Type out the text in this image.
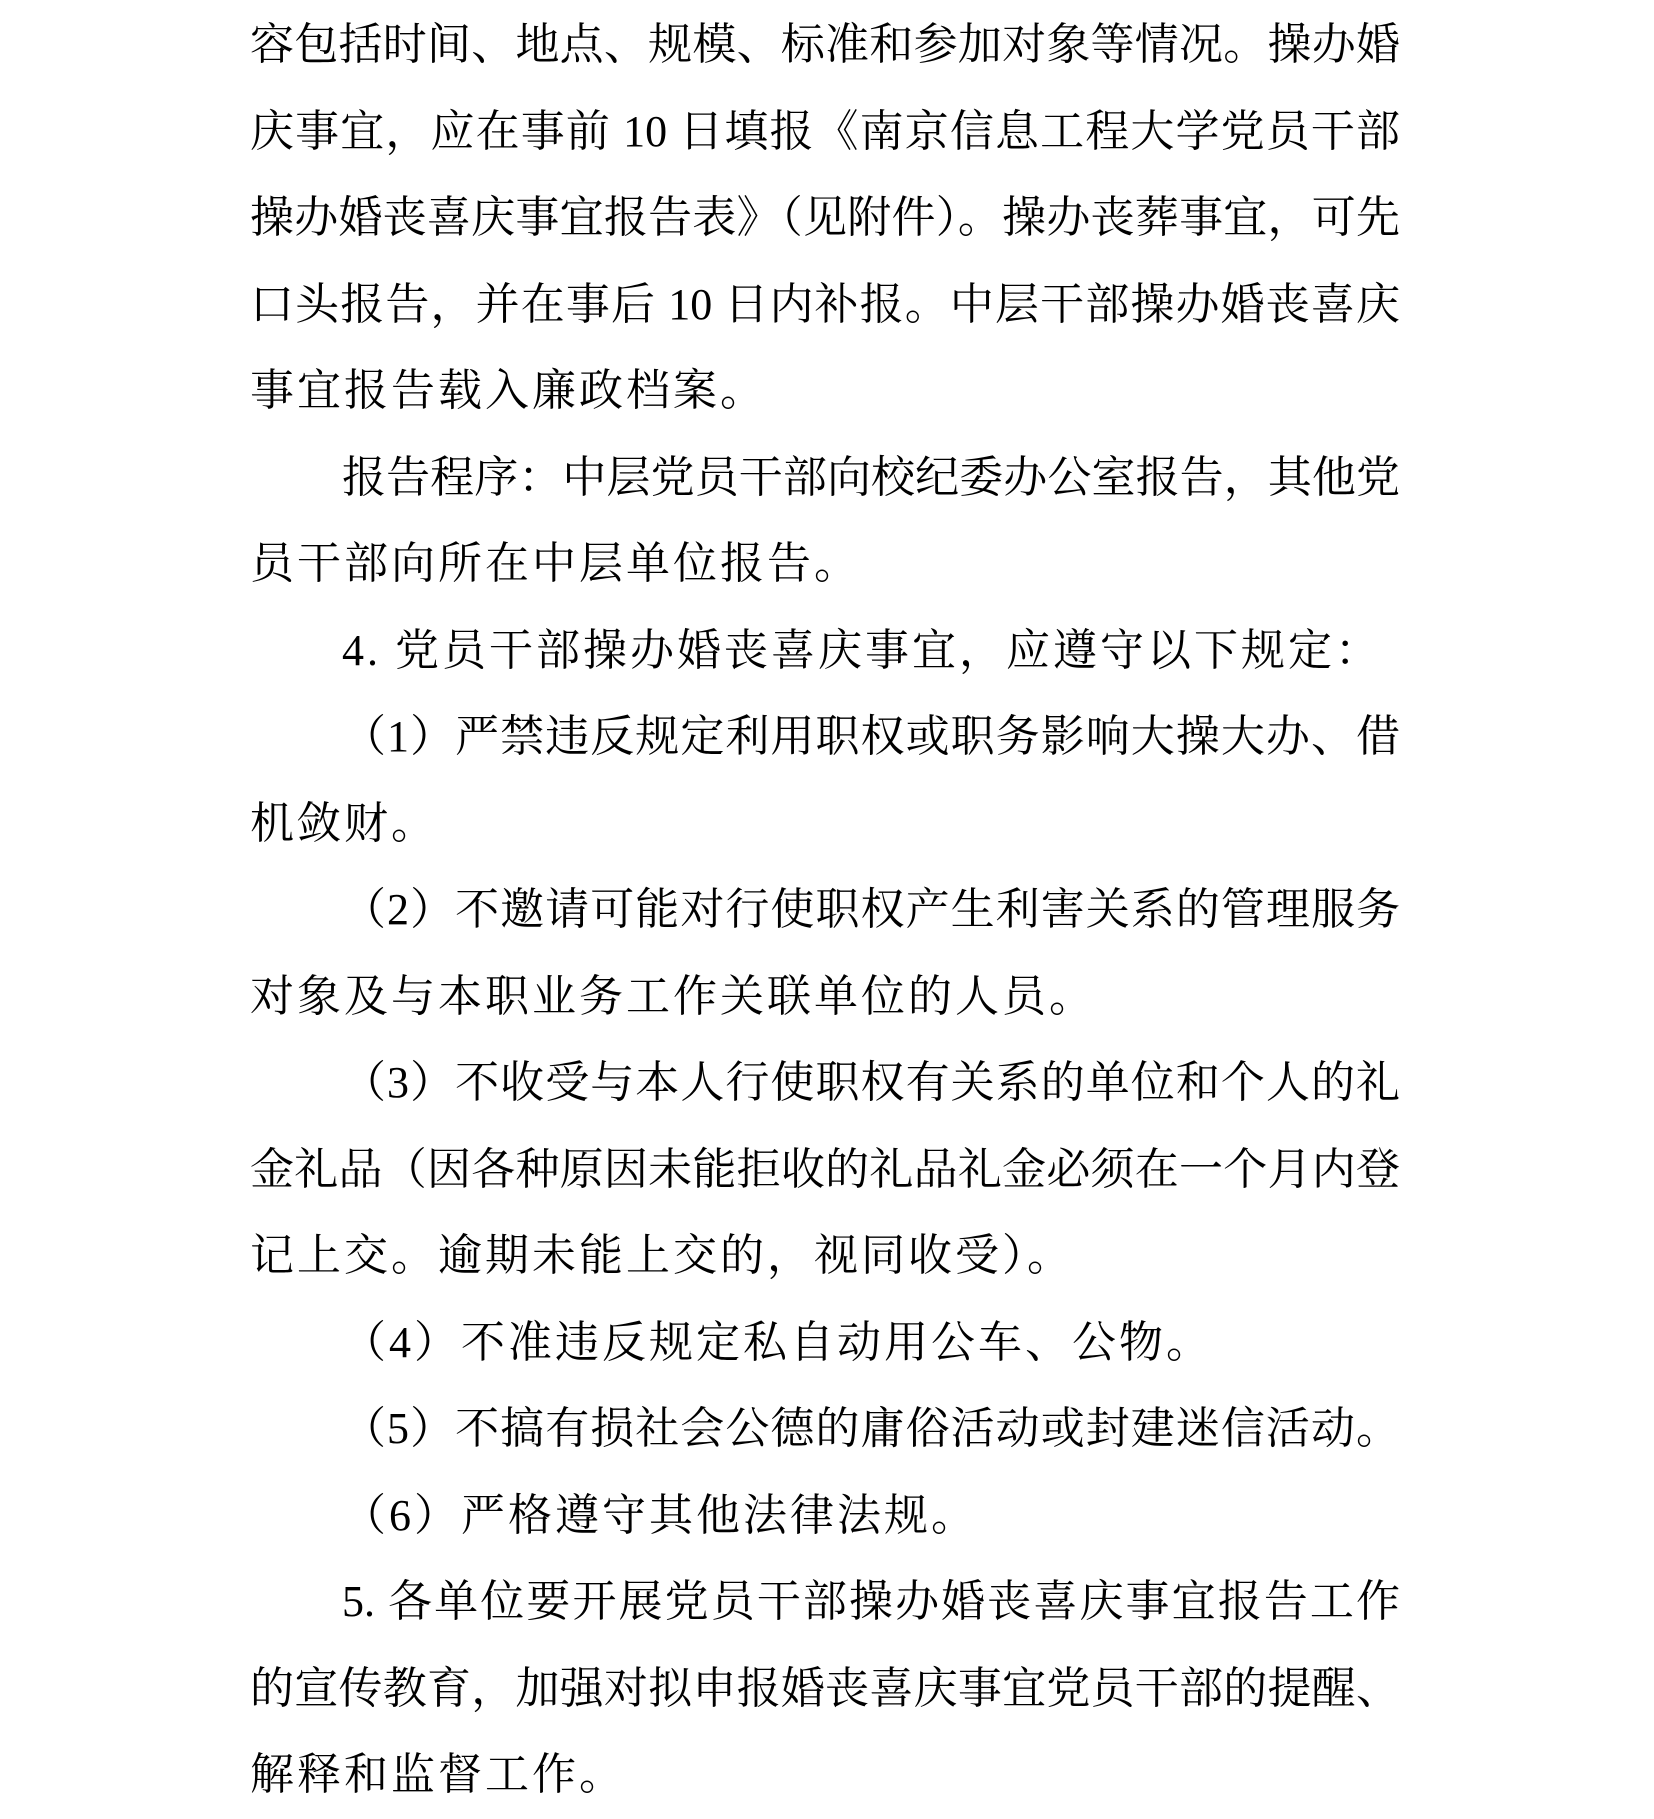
容包括时间、地点、规模、标准和参加对象等情况。操办婚
庆事宜，应在事前 10 日填报《南京信息工程大学党员干部
操办婚丧喜庆事宜报告表》（见附件）。操办丧葬事宜，可先
口头报告，并在事后 10 日内补报。中层干部操办婚丧喜庆
事宜报告载入廉政档案。
报告程序：中层党员干部向校纪委办公室报告，其他党
员干部向所在中层单位报告。
4. 党员干部操办婚丧喜庆事宜，应遵守以下规定：
（1）严禁违反规定利用职权或职务影响大操大办、借
机敛财。
（2）不邀请可能对行使职权产生利害关系的管理服务
对象及与本职业务工作关联单位的人员。
（3）不收受与本人行使职权有关系的单位和个人的礼
金礼品（因各种原因未能拒收的礼品礼金必须在一个月内登
记上交。逾期未能上交的，视同收受）。
（4）不准违反规定私自动用公车、公物。
（5）不搞有损社会公德的庸俗活动或封建迷信活动。
（6）严格遵守其他法律法规。
5. 各单位要开展党员干部操办婚丧喜庆事宜报告工作
的宣传教育，加强对拟申报婚丧喜庆事宜党员干部的提醒、
解释和监督工作。
